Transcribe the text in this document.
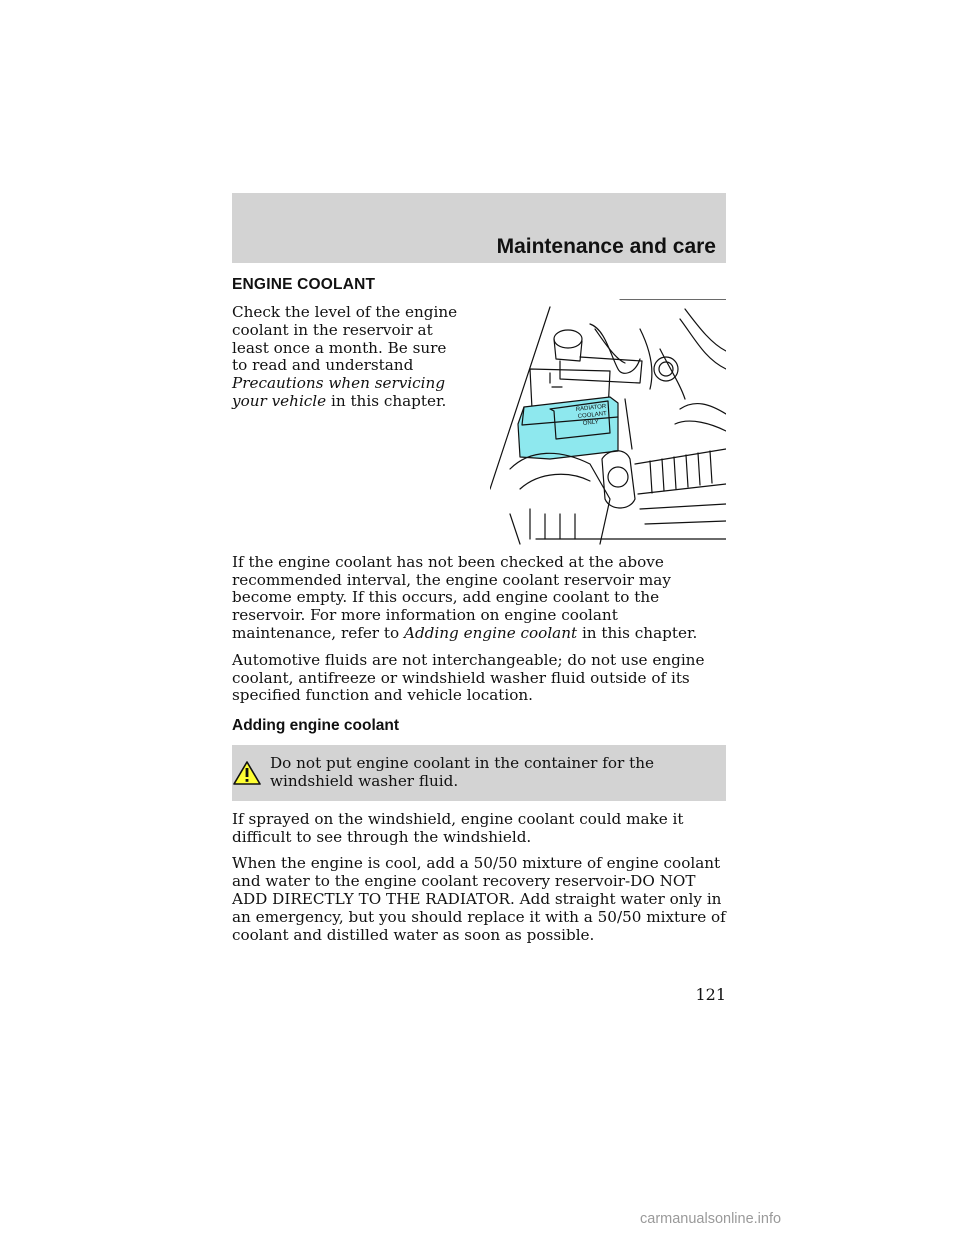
Maintenance and care
ENGINE COOLANT

Check the level of the engine coolant in the reservoir at least once a month. Be sure to read and understand Precautions when servicing your vehicle in this chapter.	RADIATOR
COOLANT
ONLY

If the engine coolant has not been checked at the above recommended interval, the engine coolant reservoir may become empty. If this occurs, add engine coolant to the reservoir. For more information on engine coolant maintenance, refer to Adding engine coolant in this chapter.

Automotive fluids are not interchangeable; do not use engine coolant, antifreeze or windshield washer fluid outside of its specified function and vehicle location.

Adding engine coolant
Do not put engine coolant in the container for the windshield washer fluid.

If sprayed on the windshield, engine coolant could make it difficult to see through the windshield.

When the engine is cool, add a 50/50 mixture of engine coolant and water to the engine coolant recovery reservoir-DO NOT ADD DIRECTLY TO THE RADIATOR. Add straight water only in an emergency, but you should replace it with a 50/50 mixture of coolant and distilled water as soon as possible.

121
carmanualsonline.info
